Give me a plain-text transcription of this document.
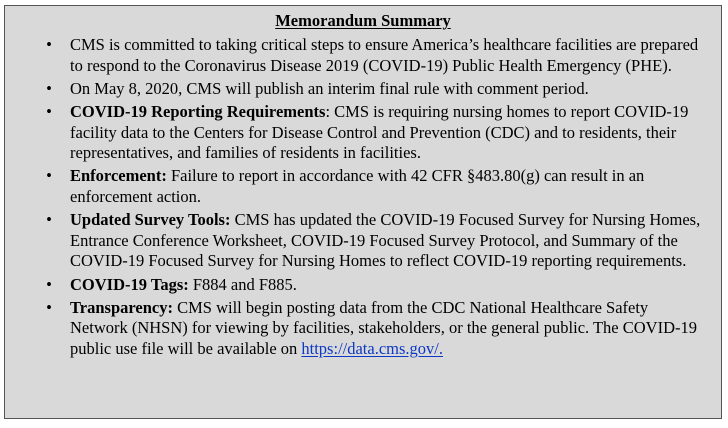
Memorandum Summary
• CMS is committed to taking critical steps to ensure America’s healthcare facilities are prepared to respond to the Coronavirus Disease 2019 (COVID-19) Public Health Emergency (PHE).
• On May 8, 2020, CMS will publish an interim final rule with comment period.
• COVID-19 Reporting Requirements: CMS is requiring nursing homes to report COVID-19 facility data to the Centers for Disease Control and Prevention (CDC) and to residents, their representatives, and families of residents in facilities.
• Enforcement: Failure to report in accordance with 42 CFR §483.80(g) can result in an enforcement action.
• Updated Survey Tools: CMS has updated the COVID-19 Focused Survey for Nursing Homes, Entrance Conference Worksheet, COVID-19 Focused Survey Protocol, and Summary of the COVID-19 Focused Survey for Nursing Homes to reflect COVID-19 reporting requirements.
• COVID-19 Tags: F884 and F885.
• Transparency: CMS will begin posting data from the CDC National Healthcare Safety Network (NHSN) for viewing by facilities, stakeholders, or the general public. The COVID-19 public use file will be available on https://data.cms.gov/.
